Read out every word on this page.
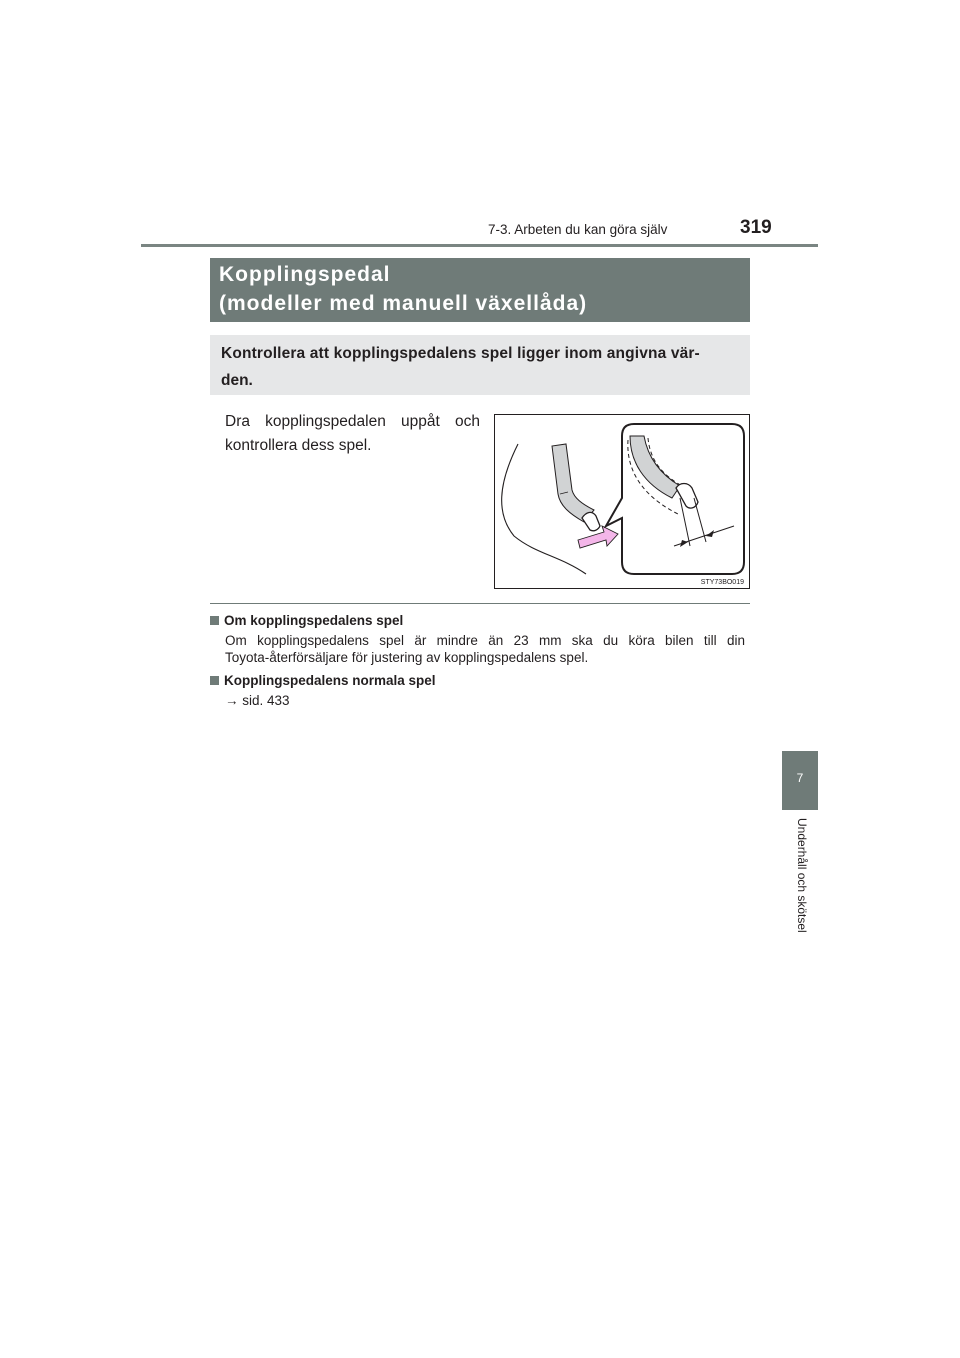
7-3. Arbeten du kan göra själv	319
Kopplingspedal
(modeller med manuell växellåda)
Kontrollera att kopplingspedalens spel ligger inom angivna vär-
den.
Dra kopplingspedalen uppåt och
kontrollera dess spel.
STY73BO019
Om kopplingspedalens spel
Om kopplingspedalens spel är mindre än 23 mm ska du köra bilen till din
Toyota-återförsäljare för justering av kopplingspedalens spel.
Kopplingspedalens normala spel
→ sid. 433
7
Underhåll och skötsel
